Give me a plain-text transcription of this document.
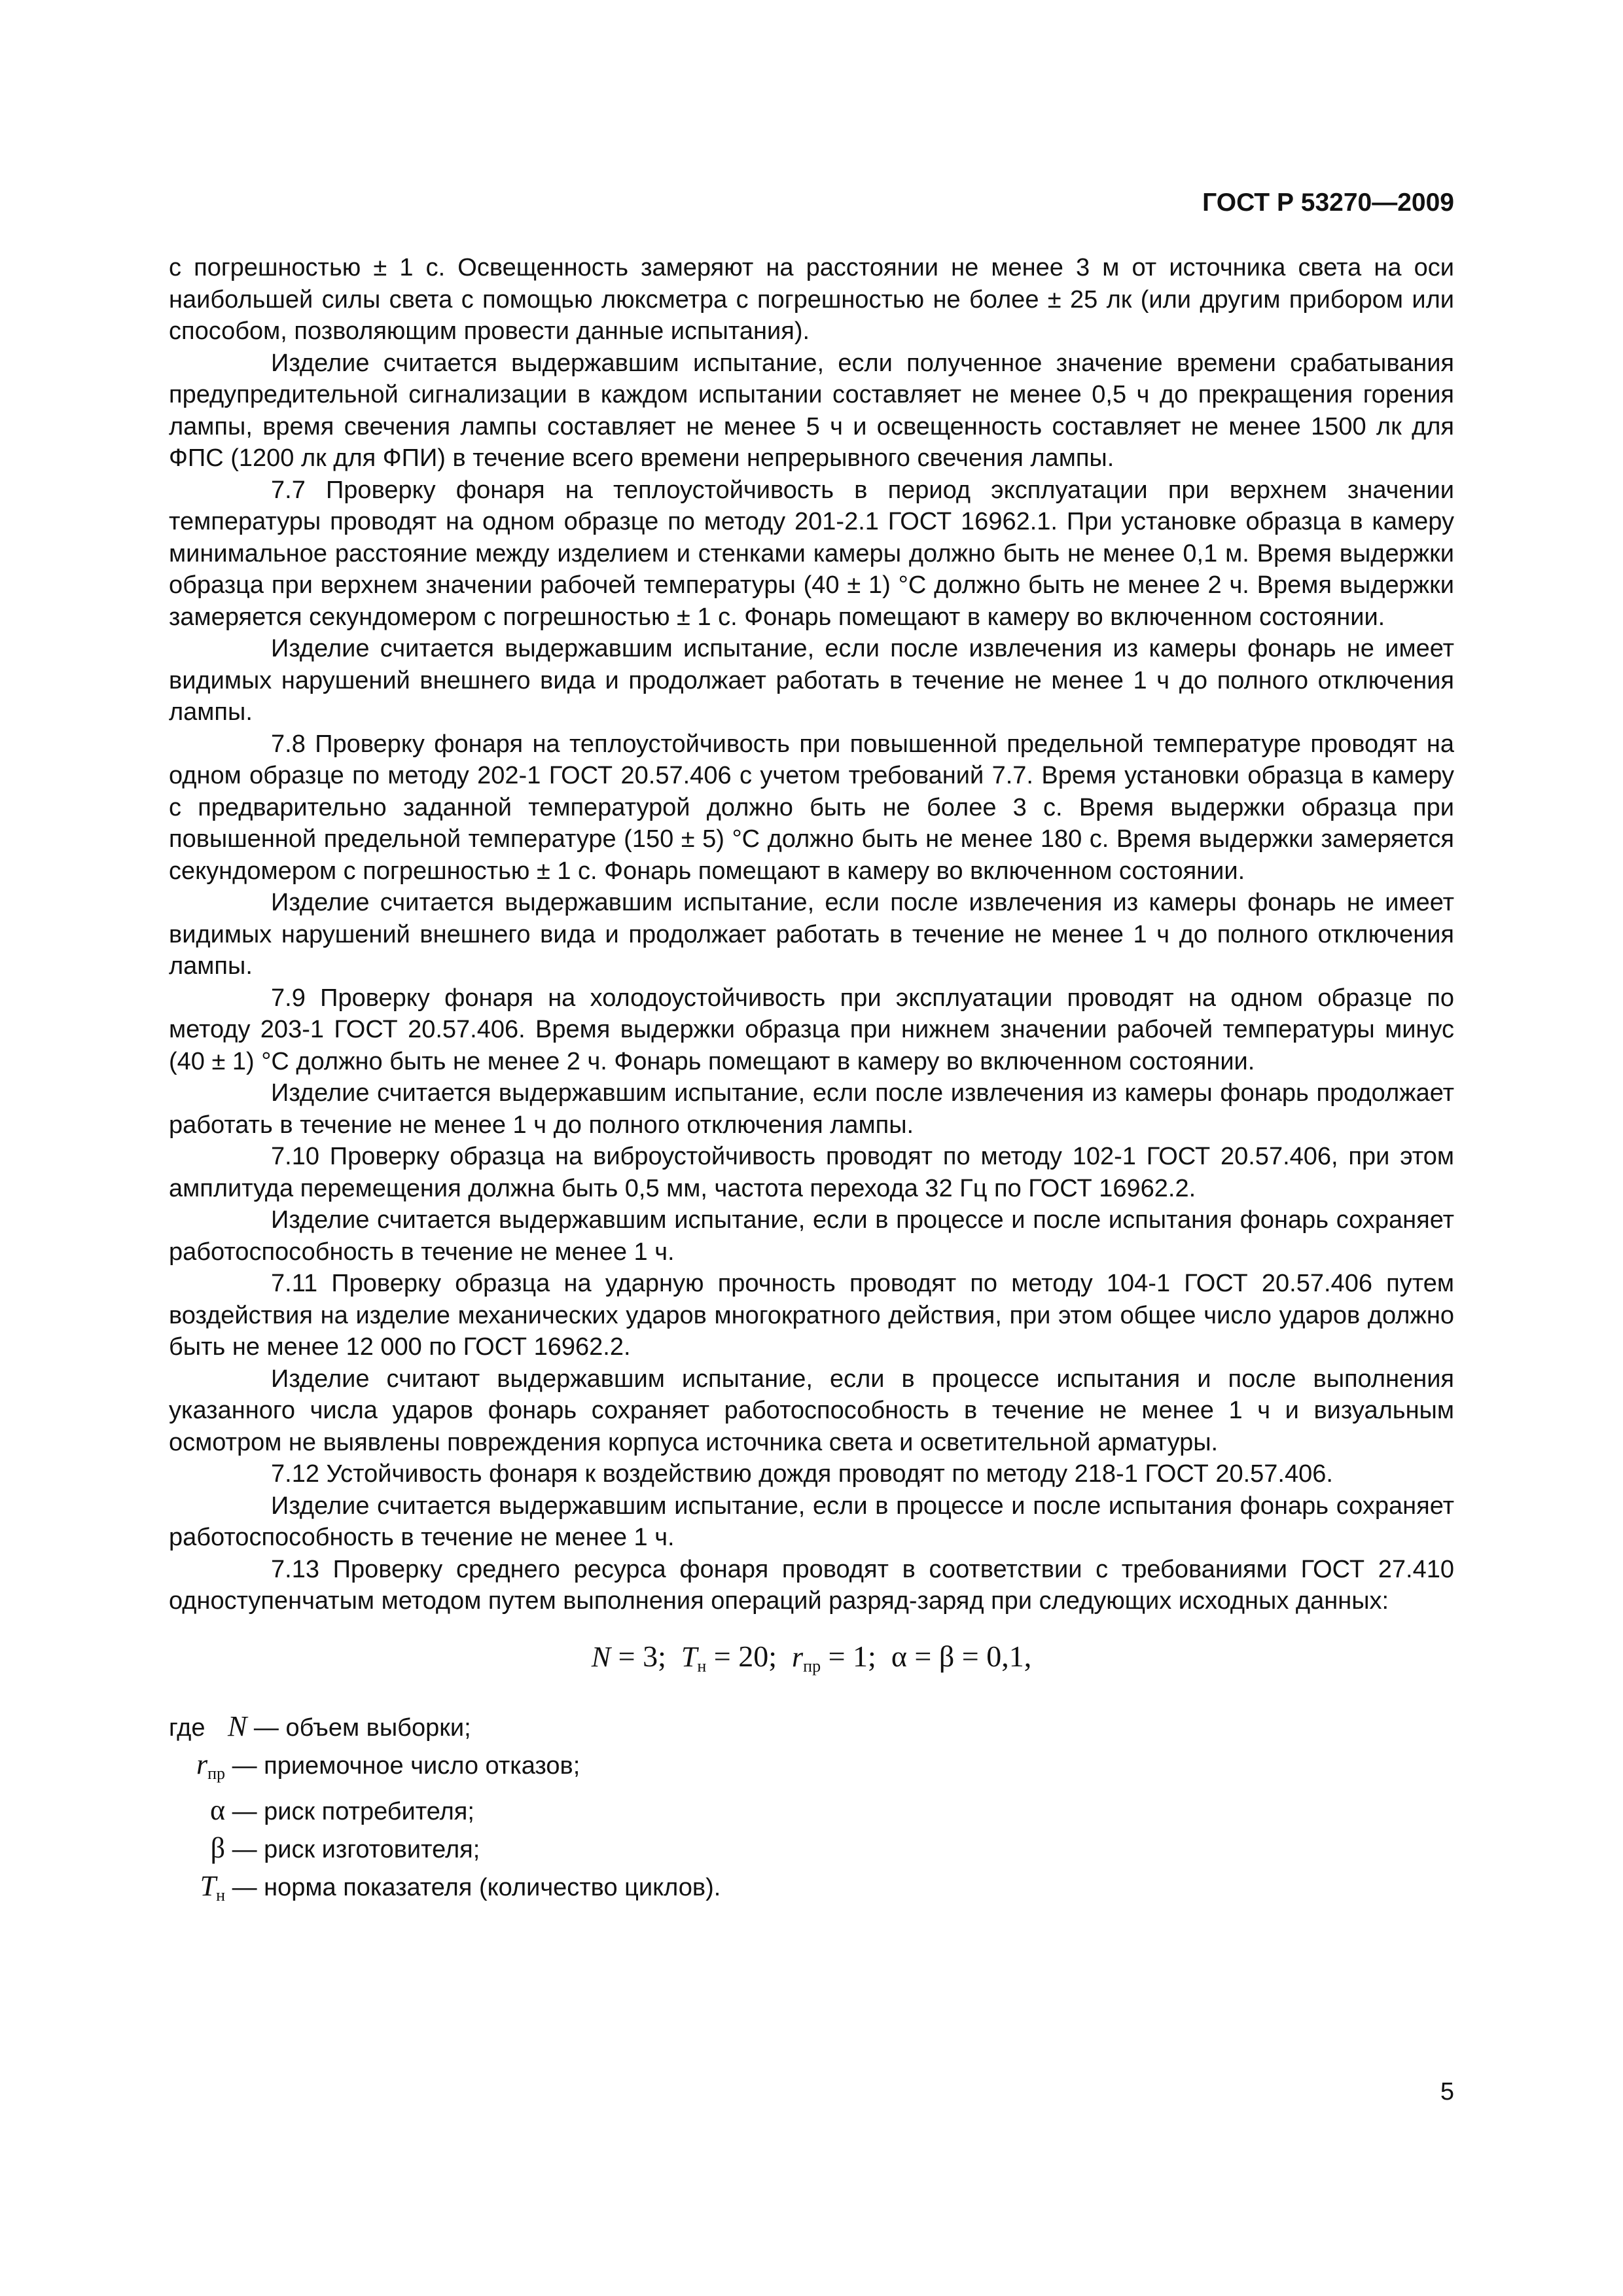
ГОСТ Р 53270—2009

с погрешностью ± 1 с. Освещенность замеряют на расстоянии не менее 3 м от источника света на оси наибольшей силы света с помощью люксметра с погрешностью не более ± 25 лк (или другим прибором или способом, позволяющим провести данные испытания).

Изделие считается выдержавшим испытание, если полученное значение времени срабатывания предупредительной сигнализации в каждом испытании составляет не менее 0,5 ч до прекращения горения лампы, время свечения лампы составляет не менее 5 ч и освещенность составляет не менее 1500 лк для ФПС (1200 лк для ФПИ) в течение всего времени непрерывного свечения лампы.

7.7 Проверку фонаря на теплоустойчивость в период эксплуатации при верхнем значении температуры проводят на одном образце по методу 201-2.1 ГОСТ 16962.1. При установке образца в камеру минимальное расстояние между изделием и стенками камеры должно быть не менее 0,1 м. Время выдержки образца при верхнем значении рабочей температуры (40 ± 1) °С должно быть не менее 2 ч. Время выдержки замеряется секундомером с погрешностью ± 1 с. Фонарь помещают в камеру во включенном состоянии.

Изделие считается выдержавшим испытание, если после извлечения из камеры фонарь не имеет видимых нарушений внешнего вида и продолжает работать в течение не менее 1 ч до полного отключения лампы.

7.8 Проверку фонаря на теплоустойчивость при повышенной предельной температуре проводят на одном образце по методу 202-1 ГОСТ 20.57.406 с учетом требований 7.7. Время установки образца в камеру с предварительно заданной температурой должно быть не более 3 с. Время выдержки образца при повышенной предельной температуре (150 ± 5) °С должно быть не менее 180 с. Время выдержки замеряется секундомером с погрешностью ± 1 с. Фонарь помещают в камеру во включенном состоянии.

Изделие считается выдержавшим испытание, если после извлечения из камеры фонарь не имеет видимых нарушений внешнего вида и продолжает работать в течение не менее 1 ч до полного отключения лампы.

7.9 Проверку фонаря на холодоустойчивость при эксплуатации проводят на одном образце по методу 203-1 ГОСТ 20.57.406. Время выдержки образца при нижнем значении рабочей температуры минус (40 ± 1) °С должно быть не менее 2 ч. Фонарь помещают в камеру во включенном состоянии.

Изделие считается выдержавшим испытание, если после извлечения из камеры фонарь продолжает работать в течение не менее 1 ч до полного отключения лампы.

7.10 Проверку образца на виброустойчивость проводят по методу 102-1 ГОСТ 20.57.406, при этом амплитуда перемещения должна быть 0,5 мм, частота перехода 32 Гц по ГОСТ 16962.2.

Изделие считается выдержавшим испытание, если в процессе и после испытания фонарь сохраняет работоспособность в течение не менее 1 ч.

7.11 Проверку образца на ударную прочность проводят по методу 104-1 ГОСТ 20.57.406 путем воздействия на изделие механических ударов многократного действия, при этом общее число ударов должно быть не менее 12 000 по ГОСТ 16962.2.

Изделие считают выдержавшим испытание, если в процессе испытания и после выполнения указанного числа ударов фонарь сохраняет работоспособность в течение не менее 1 ч и визуальным осмотром не выявлены повреждения корпуса источника света и осветительной арматуры.

7.12 Устойчивость фонаря к воздействию дождя проводят по методу 218-1 ГОСТ 20.57.406.

Изделие считается выдержавшим испытание, если в процессе и после испытания фонарь сохраняет работоспособность в течение не менее 1 ч.

7.13 Проверку среднего ресурса фонаря проводят в соответствии с требованиями ГОСТ 27.410 одноступенчатым методом путем выполнения операций разряд-заряд при следующих исходных данных:

N = 3; $T_н = 20$; $r_{пр} = 1$; α = β = 0,1,
где N
— объем выборки;
$r_{пр}$
— приемочное число отказов;
α
— риск потребителя;
β
— риск изготовителя;
$T_н$
— норма показателя (количество циклов).
5
